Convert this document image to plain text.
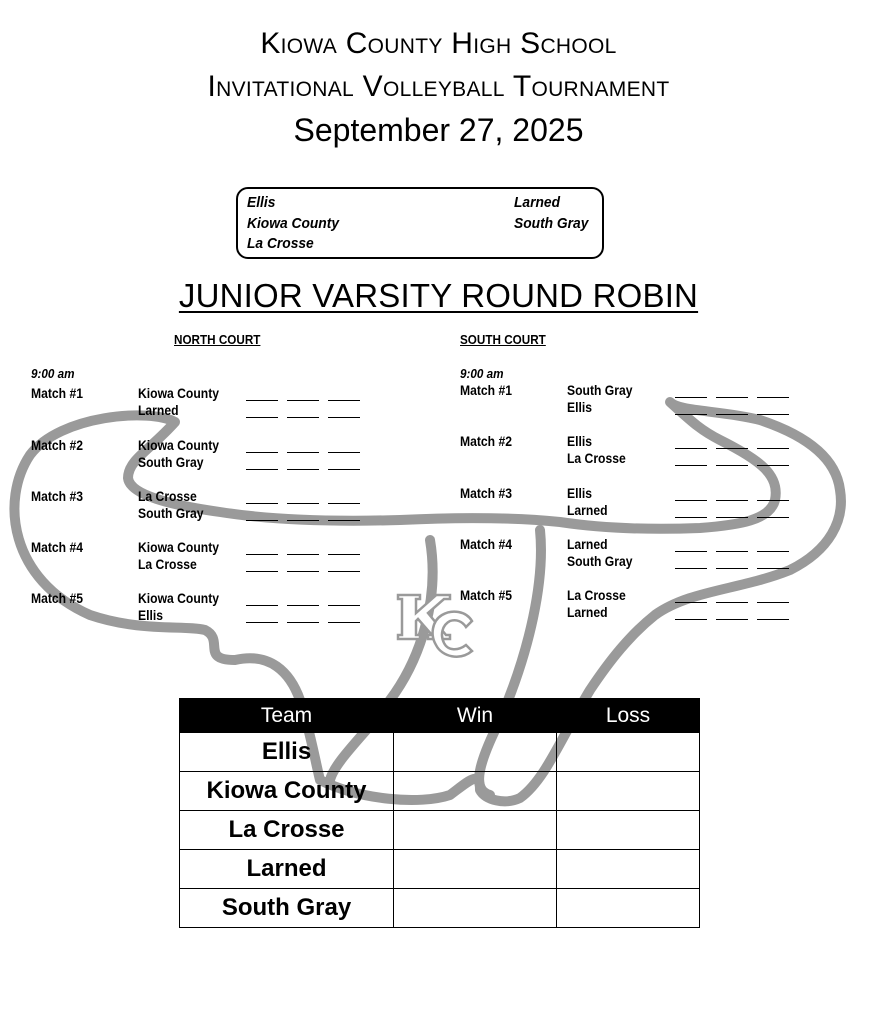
Kiowa County High School
Invitational Volleyball Tournament
September 27, 2025
Ellis
Kiowa County
La Crosse
Larned
South Gray
JUNIOR VARSITY ROUND ROBIN
NORTH COURT	SOUTH COURT
9:00 am	9:00 am
Match #1	Kiowa County
Larned
Match #2	Kiowa County
South Gray
Match #3	La Crosse
South Gray
Match #4	Kiowa County
La Crosse
Match #5	Kiowa County
Ellis
Match #1	South Gray
Ellis
Match #2	Ellis
La Crosse
Match #3	Ellis
Larned
Match #4	Larned
South Gray
Match #5	La Crosse
Larned
Team	Win	Loss
Ellis		
Kiowa County		
La Crosse		
Larned		
South Gray		
